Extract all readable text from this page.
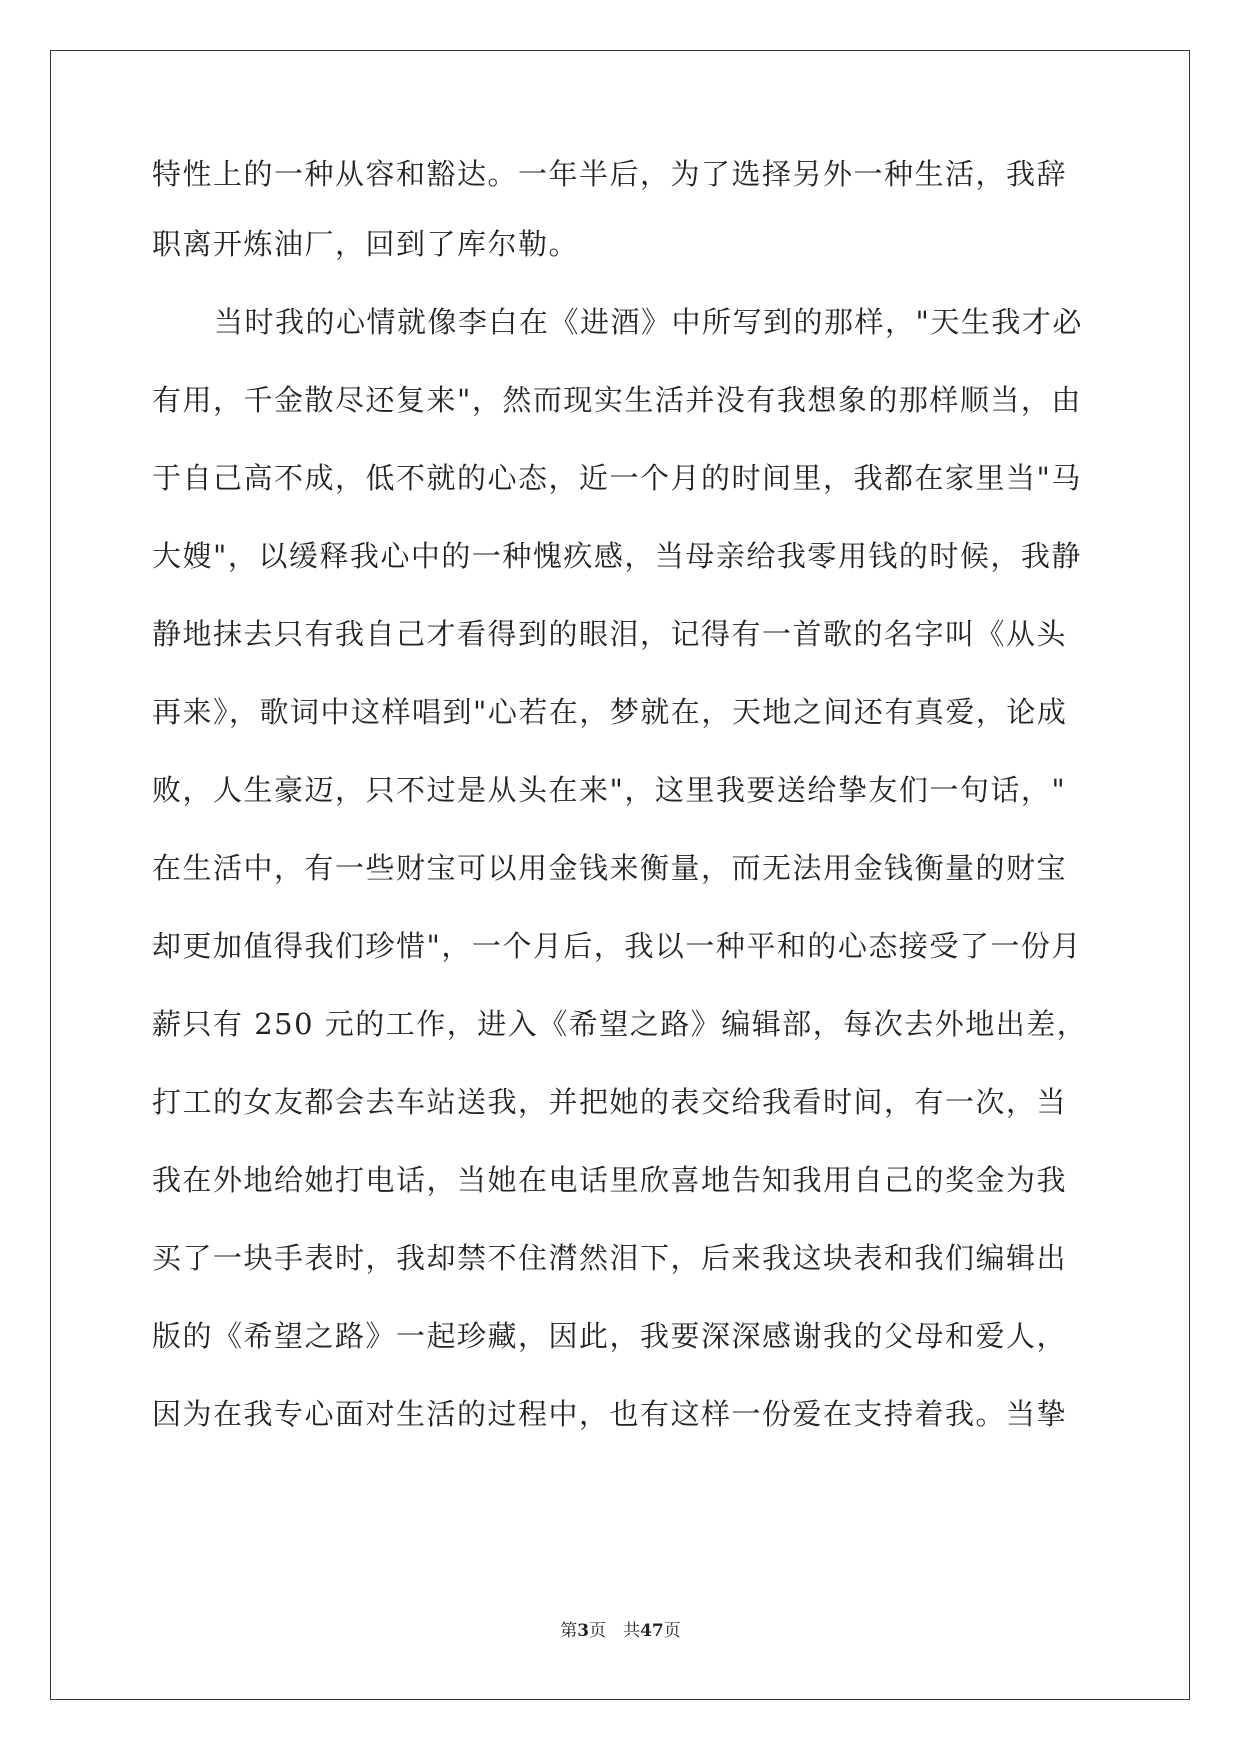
特性上的一种从容和豁达。一年半后，为了选择另外一种生活，我辞
职离开炼油厂，回到了库尔勒。
当时我的心情就像李白在《进酒》中所写到的那样，"天生我才必
有用，千金散尽还复来"，然而现实生活并没有我想象的那样顺当，由
于自己高不成，低不就的心态，近一个月的时间里，我都在家里当"马
大嫂"，以缓释我心中的一种愧疚感，当母亲给我零用钱的时候，我静
静地抹去只有我自己才看得到的眼泪，记得有一首歌的名字叫《从头
再来》，歌词中这样唱到"心若在，梦就在，天地之间还有真爱，论成
败，人生豪迈，只不过是从头在来"，这里我要送给挚友们一句话，"
在生活中，有一些财宝可以用金钱来衡量，而无法用金钱衡量的财宝
却更加值得我们珍惜"，一个月后，我以一种平和的心态接受了一份月
薪只有 250 元的工作，进入《希望之路》编辑部，每次去外地出差，
打工的女友都会去车站送我，并把她的表交给我看时间，有一次，当
我在外地给她打电话，当她在电话里欣喜地告知我用自己的奖金为我
买了一块手表时，我却禁不住潸然泪下，后来我这块表和我们编辑出
版的《希望之路》一起珍藏，因此，我要深深感谢我的父母和爱人，
因为在我专心面对生活的过程中，也有这样一份爱在支持着我。当挚
第3页　共47页
